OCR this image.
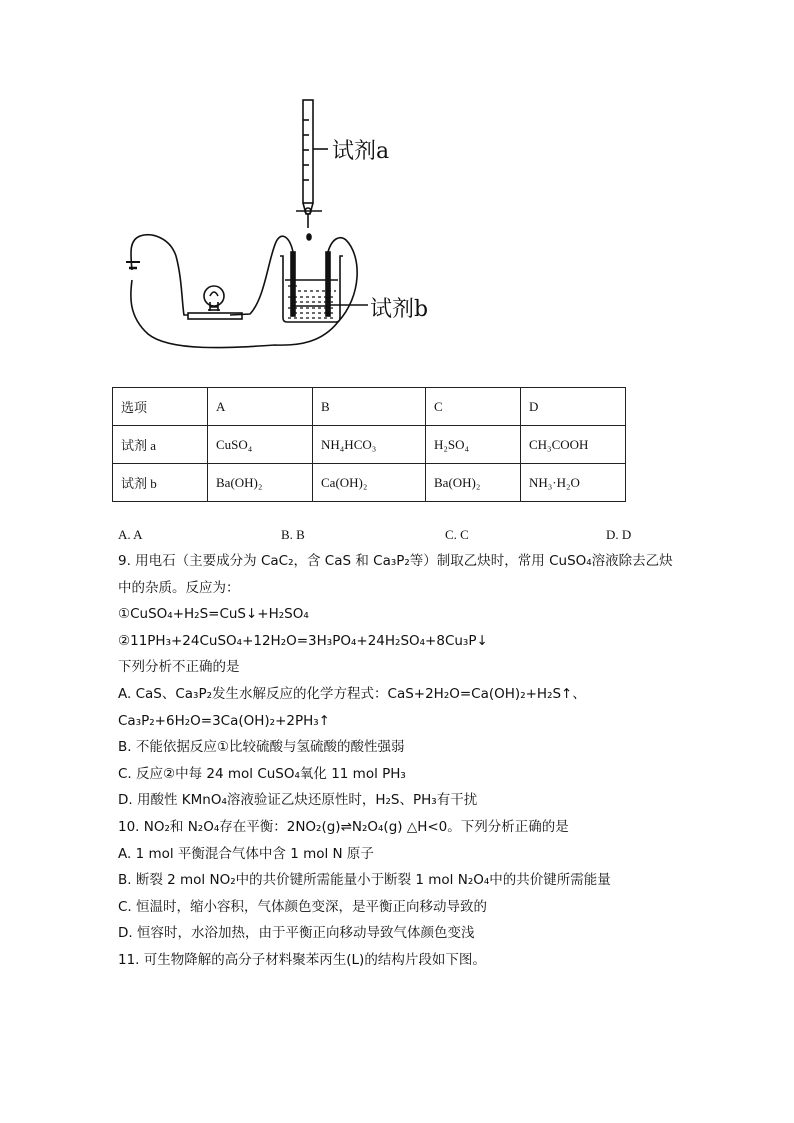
试剂a
试剂b
选项	A	B	C	D
试剂 a	CuSO₄	NH₄HCO₃	H₂SO₄	CH₃COOH
试剂 b	Ba(OH)₂	Ca(OH)₂	Ba(OH)₂	NH₃·H₂O
A. A	B. B	C. C	D. D
9. 用电石（主要成分为 CaC₂，含 CaS 和 Ca₃P₂等）制取乙炔时，常用 CuSO₄溶液除去乙炔
中的杂质。反应为：
①CuSO₄+H₂S=CuS↓+H₂SO₄
②11PH₃+24CuSO₄+12H₂O=3H₃PO₄+24H₂SO₄+8Cu₃P↓
下列分析不正确的是
A. CaS、Ca₃P₂发生水解反应的化学方程式：CaS+2H₂O=Ca(OH)₂+H₂S↑、
Ca₃P₂+6H₂O=3Ca(OH)₂+2PH₃↑
B. 不能依据反应①比较硫酸与氢硫酸的酸性强弱
C. 反应②中每 24 mol CuSO₄氧化 11 mol PH₃
D. 用酸性 KMnO₄溶液验证乙炔还原性时，H₂S、PH₃有干扰
10. NO₂和 N₂O₄存在平衡：2NO₂(g)⇌N₂O₄(g) △H<0。下列分析正确的是
A. 1 mol 平衡混合气体中含 1 mol N 原子
B. 断裂 2 mol NO₂中的共价键所需能量小于断裂 1 mol N₂O₄中的共价键所需能量
C. 恒温时，缩小容积，气体颜色变深，是平衡正向移动导致的
D. 恒容时，水浴加热，由于平衡正向移动导致气体颜色变浅
11. 可生物降解的高分子材料聚苯丙生(L)的结构片段如下图。
